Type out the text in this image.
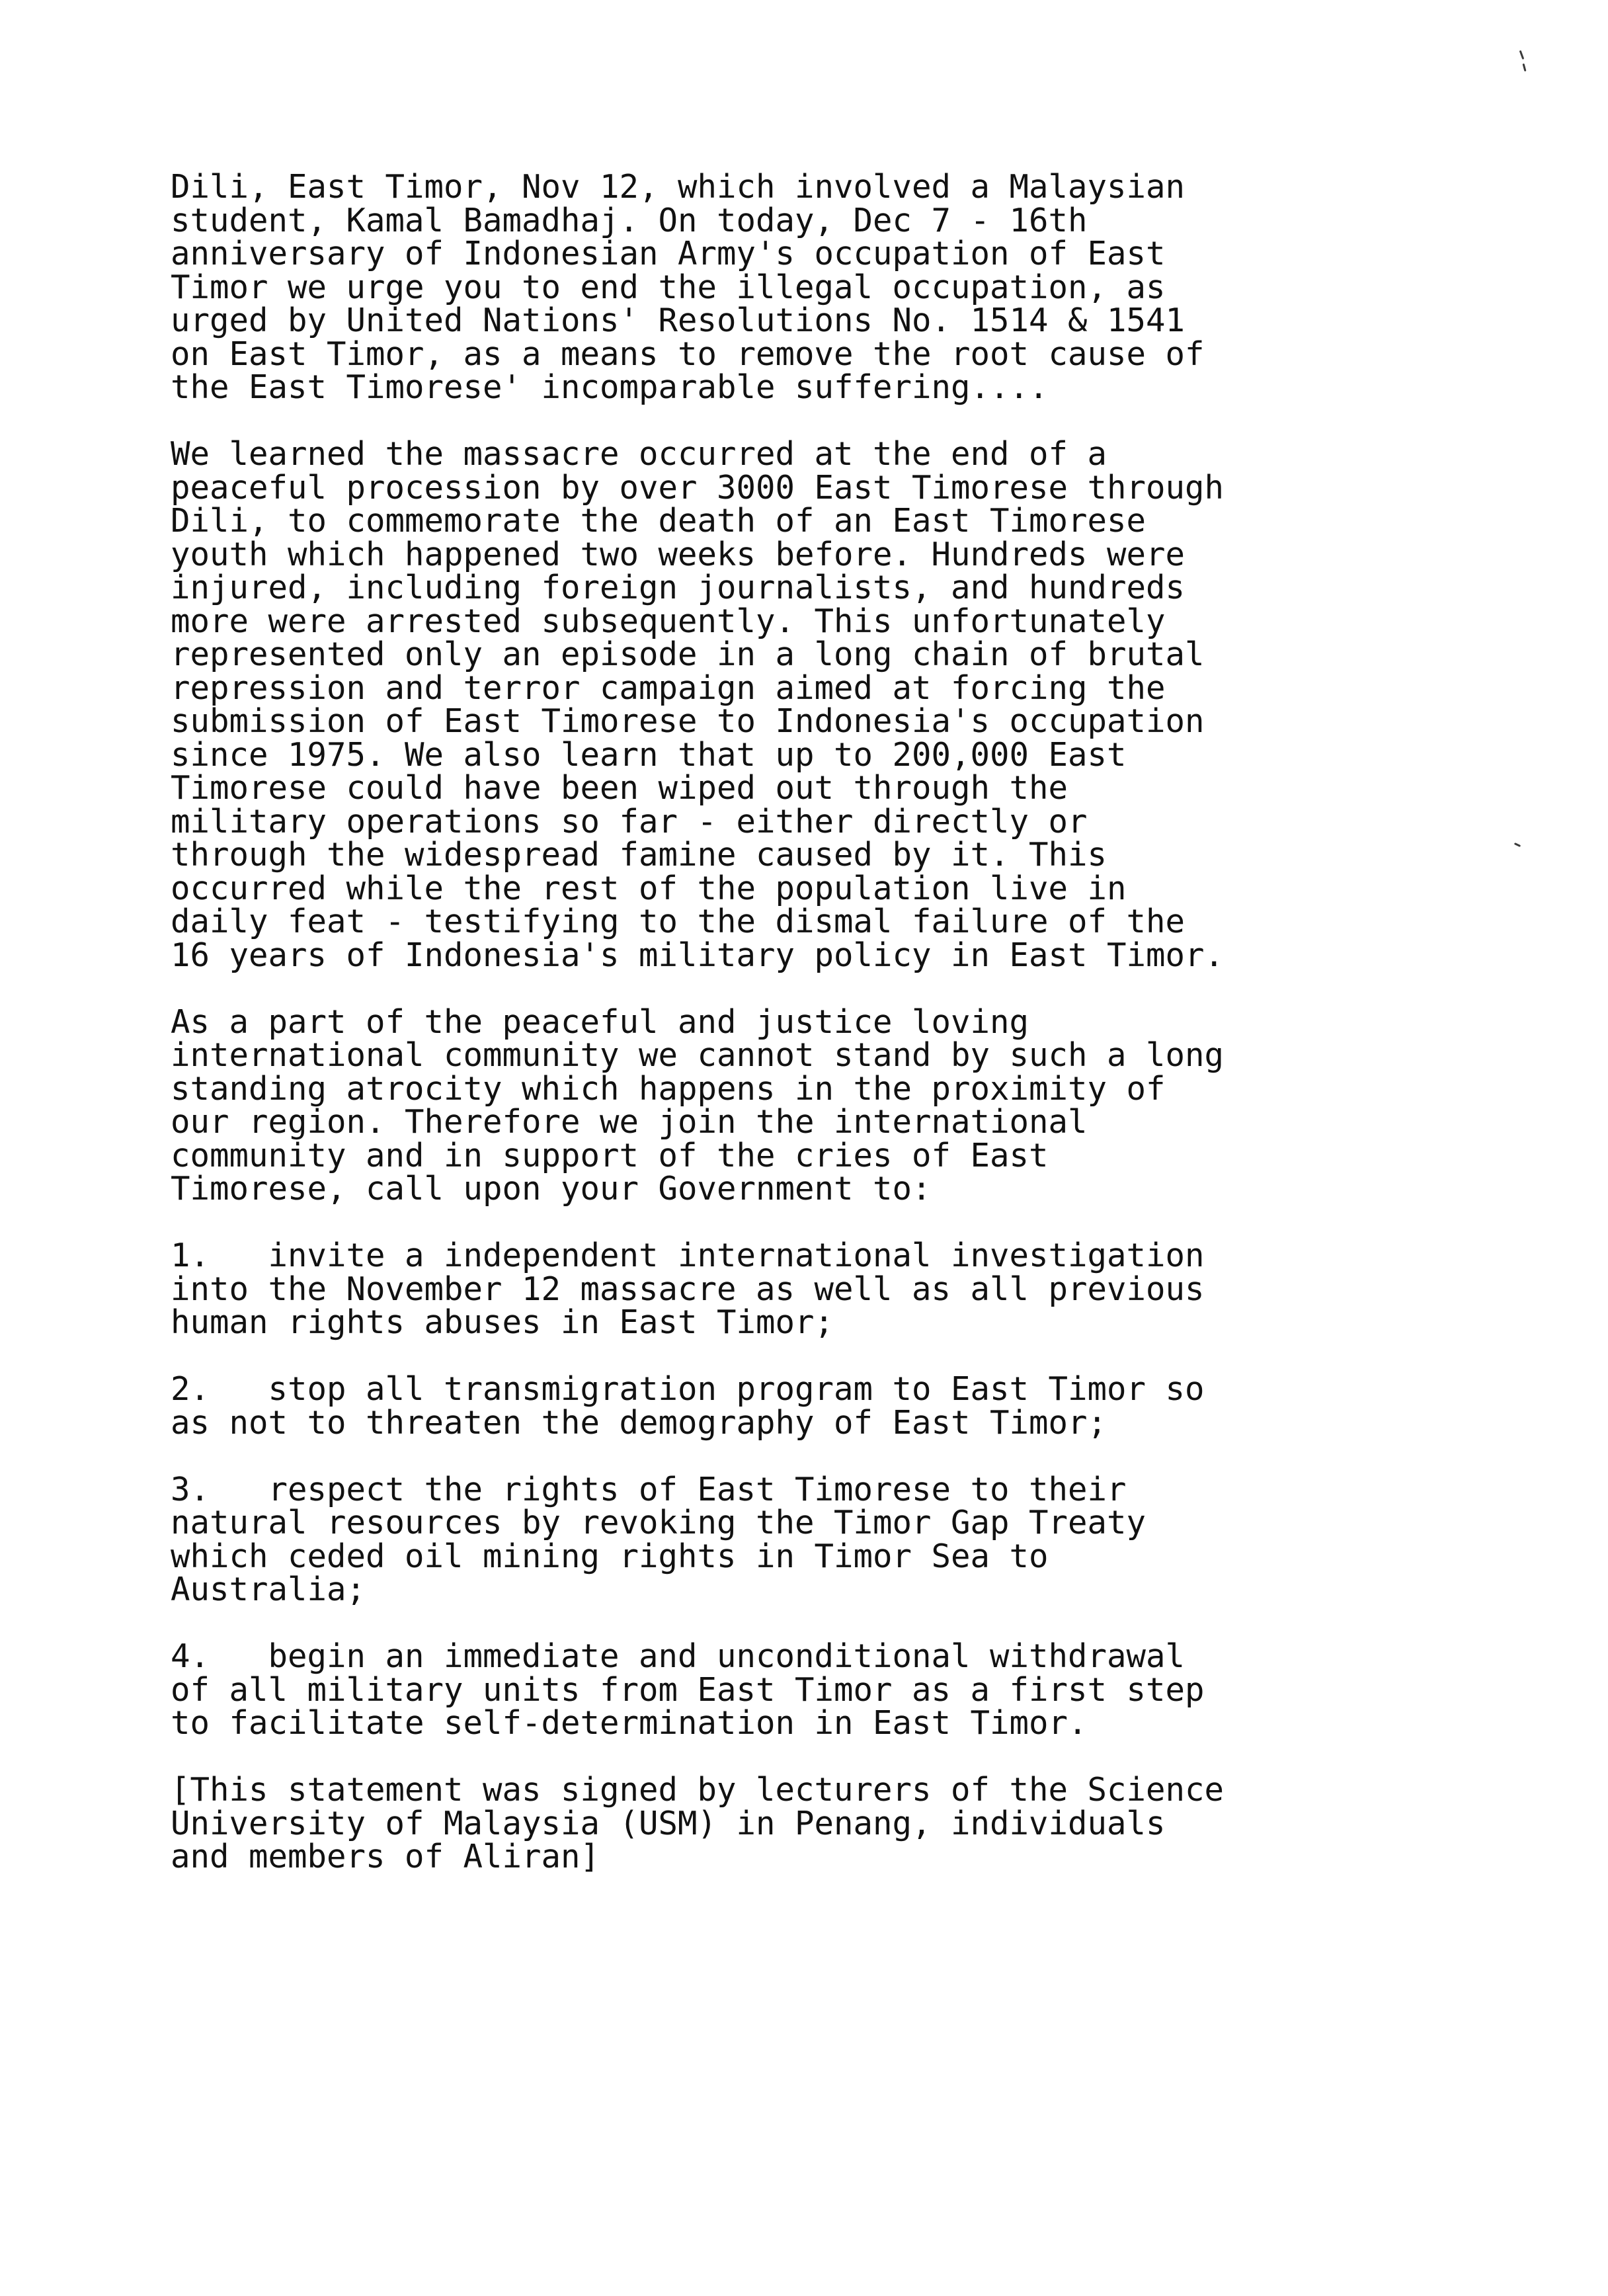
Dili, East Timor, Nov 12, which involved a Malaysian
student, Kamal Bamadhaj. On today, Dec 7 - 16th
anniversary of Indonesian Army's occupation of East
Timor we urge you to end the illegal occupation, as
urged by United Nations' Resolutions No. 1514 & 1541
on East Timor, as a means to remove the root cause of
the East Timorese' incomparable suffering....
We learned the massacre occurred at the end of a
peaceful procession by over 3000 East Timorese through
Dili, to commemorate the death of an East Timorese
youth which happened two weeks before. Hundreds were
injured, including foreign journalists, and hundreds
more were arrested subsequently. This unfortunately
represented only an episode in a long chain of brutal
repression and terror campaign aimed at forcing the
submission of East Timorese to Indonesia's occupation
since 1975. We also learn that up to 200,000 East
Timorese could have been wiped out through the
military operations so far - either directly or
through the widespread famine caused by it. This
occurred while the rest of the population live in
daily feat - testifying to the dismal failure of the
16 years of Indonesia's military policy in East Timor.
As a part of the peaceful and justice loving
international community we cannot stand by such a long
standing atrocity which happens in the proximity of
our region. Therefore we join the international
community and in support of the cries of East
Timorese, call upon your Government to:
1.   invite a independent international investigation
into the November 12 massacre as well as all previous
human rights abuses in East Timor;
2.   stop all transmigration program to East Timor so
as not to threaten the demography of East Timor;
3.   respect the rights of East Timorese to their
natural resources by revoking the Timor Gap Treaty
which ceded oil mining rights in Timor Sea to
Australia;
4.   begin an immediate and unconditional withdrawal
of all military units from East Timor as a first step
to facilitate self-determination in East Timor.
[This statement was signed by lecturers of the Science
University of Malaysia (USM) in Penang, individuals
and members of Aliran]
